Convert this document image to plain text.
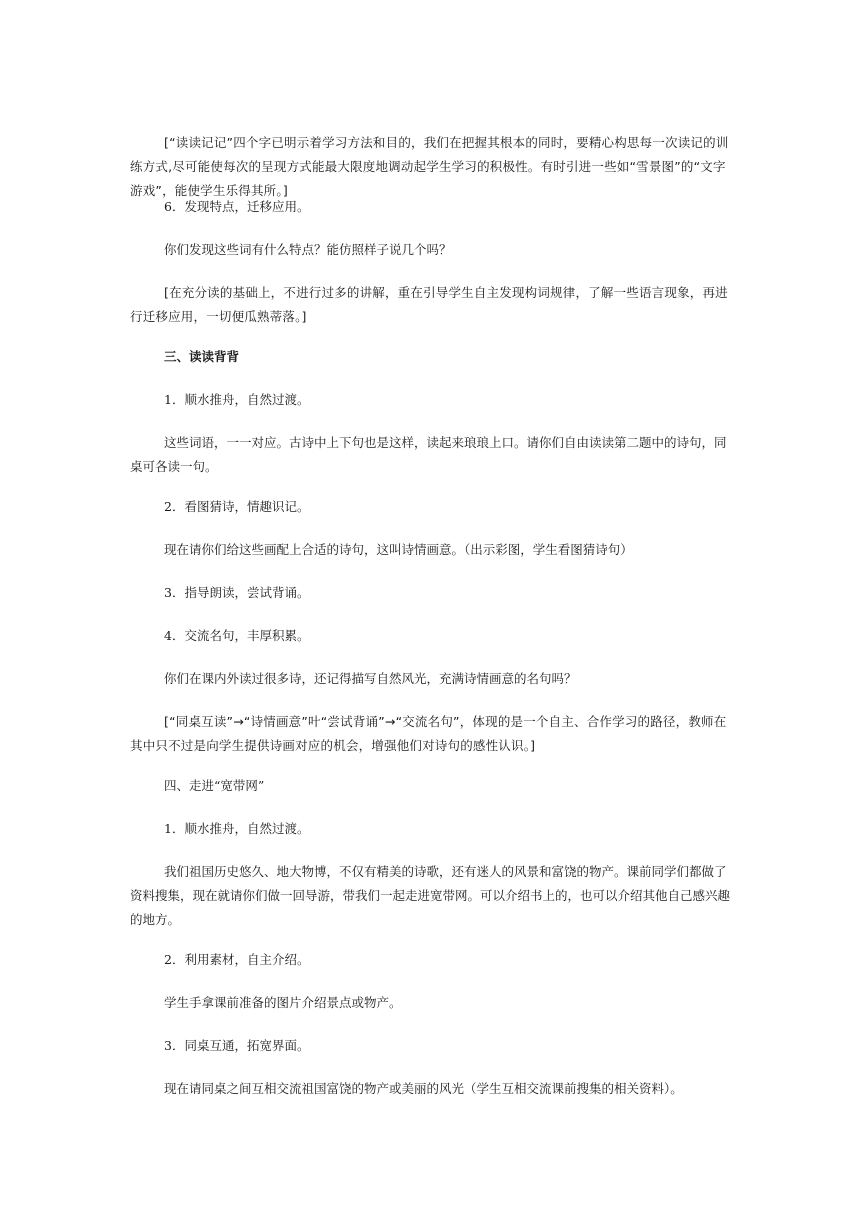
[“读读记记”四个字已明示着学习方法和目的，我们在把握其根本的同时，要精心构思每一次读记的训练方式,尽可能使每次的呈现方式能最大限度地调动起学生学习的积极性。有时引进一些如“雪景图”的“文字游戏”，能使学生乐得其所。]

6．发现特点，迁移应用。

你们发现这些词有什么特点？能仿照样子说几个吗？

[在充分读的基础上，不进行过多的讲解，重在引导学生自主发现构词规律，了解一些语言现象，再进行迁移应用，一切便瓜熟蒂落。]

三、读读背背

1．顺水推舟，自然过渡。

这些词语，一一对应。古诗中上下句也是这样，读起来琅琅上口。请你们自由读读第二题中的诗句，同桌可各读一句。

2．看图猜诗，情趣识记。

现在请你们给这些画配上合适的诗句，这叫诗情画意。（出示彩图，学生看图猜诗句）

3．指导朗读，尝试背诵。

4．交流名句，丰厚积累。

你们在课内外读过很多诗，还记得描写自然风光，充满诗情画意的名句吗？

[“同桌互读”→“诗情画意”叶“尝试背诵”→“交流名句”，体现的是一个自主、合作学习的路径，教师在其中只不过是向学生提供诗画对应的机会，增强他们对诗句的感性认识。]

四、走进“宽带网”

1．顺水推舟，自然过渡。

我们祖国历史悠久、地大物博，不仅有精美的诗歌，还有迷人的风景和富饶的物产。课前同学们都做了资料搜集，现在就请你们做一回导游，带我们一起走进宽带网。可以介绍书上的，也可以介绍其他自己感兴趣的地方。

2．利用素材，自主介绍。

学生手拿课前准备的图片介绍景点或物产。

3．同桌互通，拓宽界面。

现在请同桌之间互相交流祖国富饶的物产或美丽的风光（学生互相交流课前搜集的相关资料）。
